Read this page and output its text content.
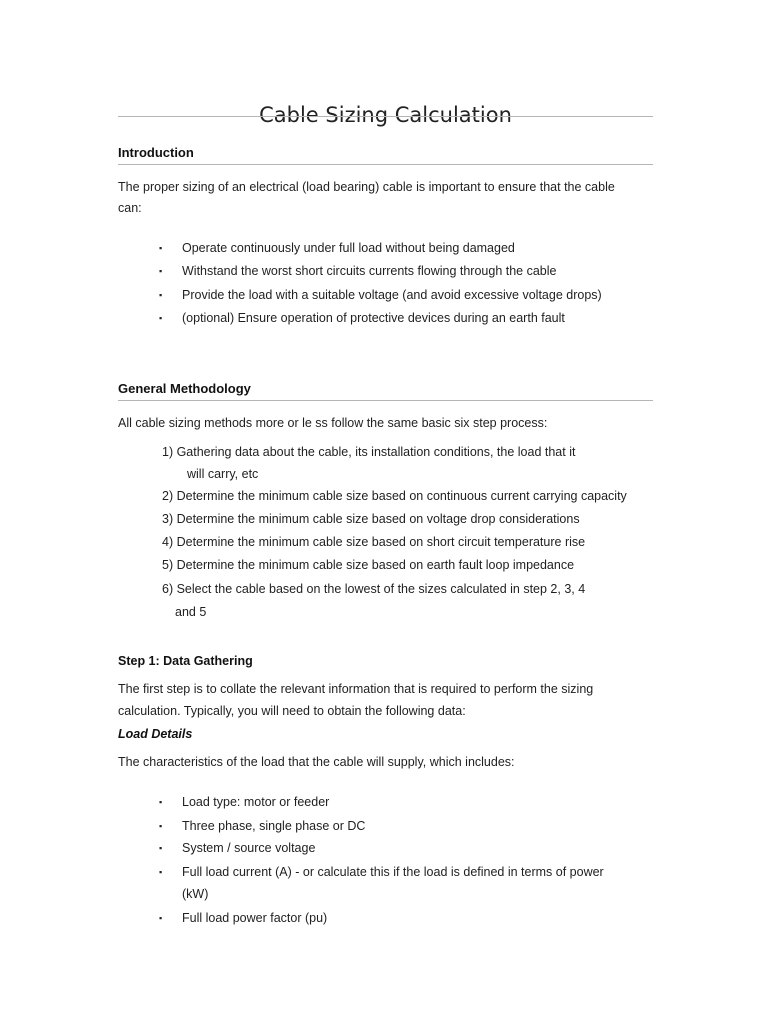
Cable Sizing Calculation
Introduction
The proper sizing of an electrical (load bearing) cable is important to ensure that the cable
can:
▪ Operate continuously under full load without being damaged
▪ Withstand the worst short circuits currents flowing through the cable
▪ Provide the load with a suitable voltage (and avoid excessive voltage drops)
▪ (optional) Ensure operation of protective devices during an earth fault
General Methodology
All cable sizing methods more or le ss follow the same basic six step process:
1) Gathering data about the cable, its installation conditions, the load that it
will carry, etc
2) Determine the minimum cable size based on continuous current carrying capacity
3) Determine the minimum cable size based on voltage drop considerations
4) Determine the minimum cable size based on short circuit temperature rise
5) Determine the minimum cable size based on earth fault loop impedance
6) Select the cable based on the lowest of the sizes calculated in step 2, 3, 4
and 5
Step 1: Data Gathering
The first step is to collate the relevant information that is required to perform the sizing
calculation. Typically, you will need to obtain the following data:
Load Details
The characteristics of the load that the cable will supply, which includes:
▪ Load type: motor or feeder
▪ Three phase, single phase or DC
▪ System / source voltage
▪ Full load current (A) - or calculate this if the load is defined in terms of power
(kW)
▪ Full load power factor (pu)
